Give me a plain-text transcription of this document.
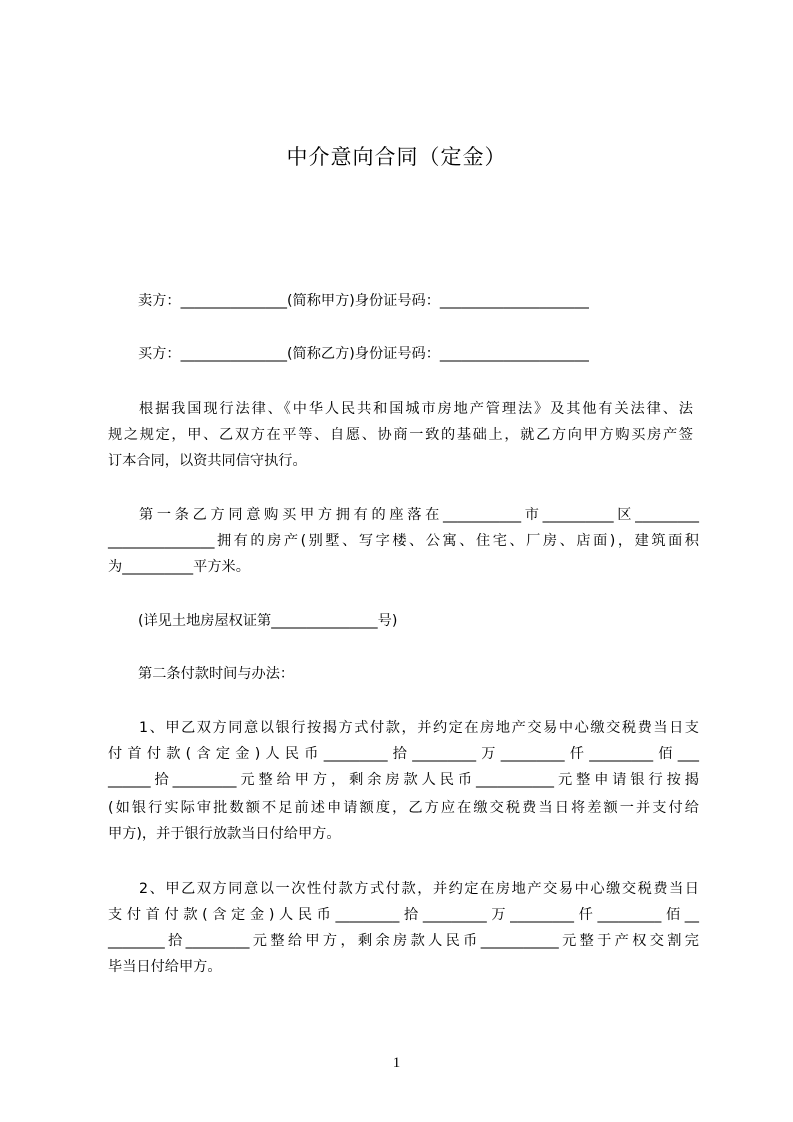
中介意向合同（定金）
卖方：_______________(简称甲方)身份证号码：_____________________
买方：_______________(简称乙方)身份证号码：_____________________
根据我国现行法律、《中华人民共和国城市房地产管理法》及其他有关法律、法
规之规定，甲、乙双方在平等、自愿、协商一致的基础上，就乙方向甲方购买房产签
订本合同，以资共同信守执行。
第一条乙方同意购买甲方拥有的座落在___________市__________区_________
_______________拥有的房产(别墅、写字楼、公寓、住宅、厂房、店面)，建筑面积
为__________平方米。
(详见土地房屋权证第_______________号)
第二条付款时间与办法：
1、甲乙双方同意以银行按揭方式付款，并约定在房地产交易中心缴交税费当日支
付首付款(含定金)人民币_________拾_________万_________仟_________佰___
______拾_________元整给甲方，剩余房款人民币___________元整申请银行按揭
(如银行实际审批数额不足前述申请额度，乙方应在缴交税费当日将差额一并支付给
甲方)，并于银行放款当日付给甲方。
2、甲乙双方同意以一次性付款方式付款，并约定在房地产交易中心缴交税费当日
支付首付款(含定金)人民币_________拾_________万_________仟_________佰__
________拾_________元整给甲方，剩余房款人民币___________元整于产权交割完
毕当日付给甲方。
1
